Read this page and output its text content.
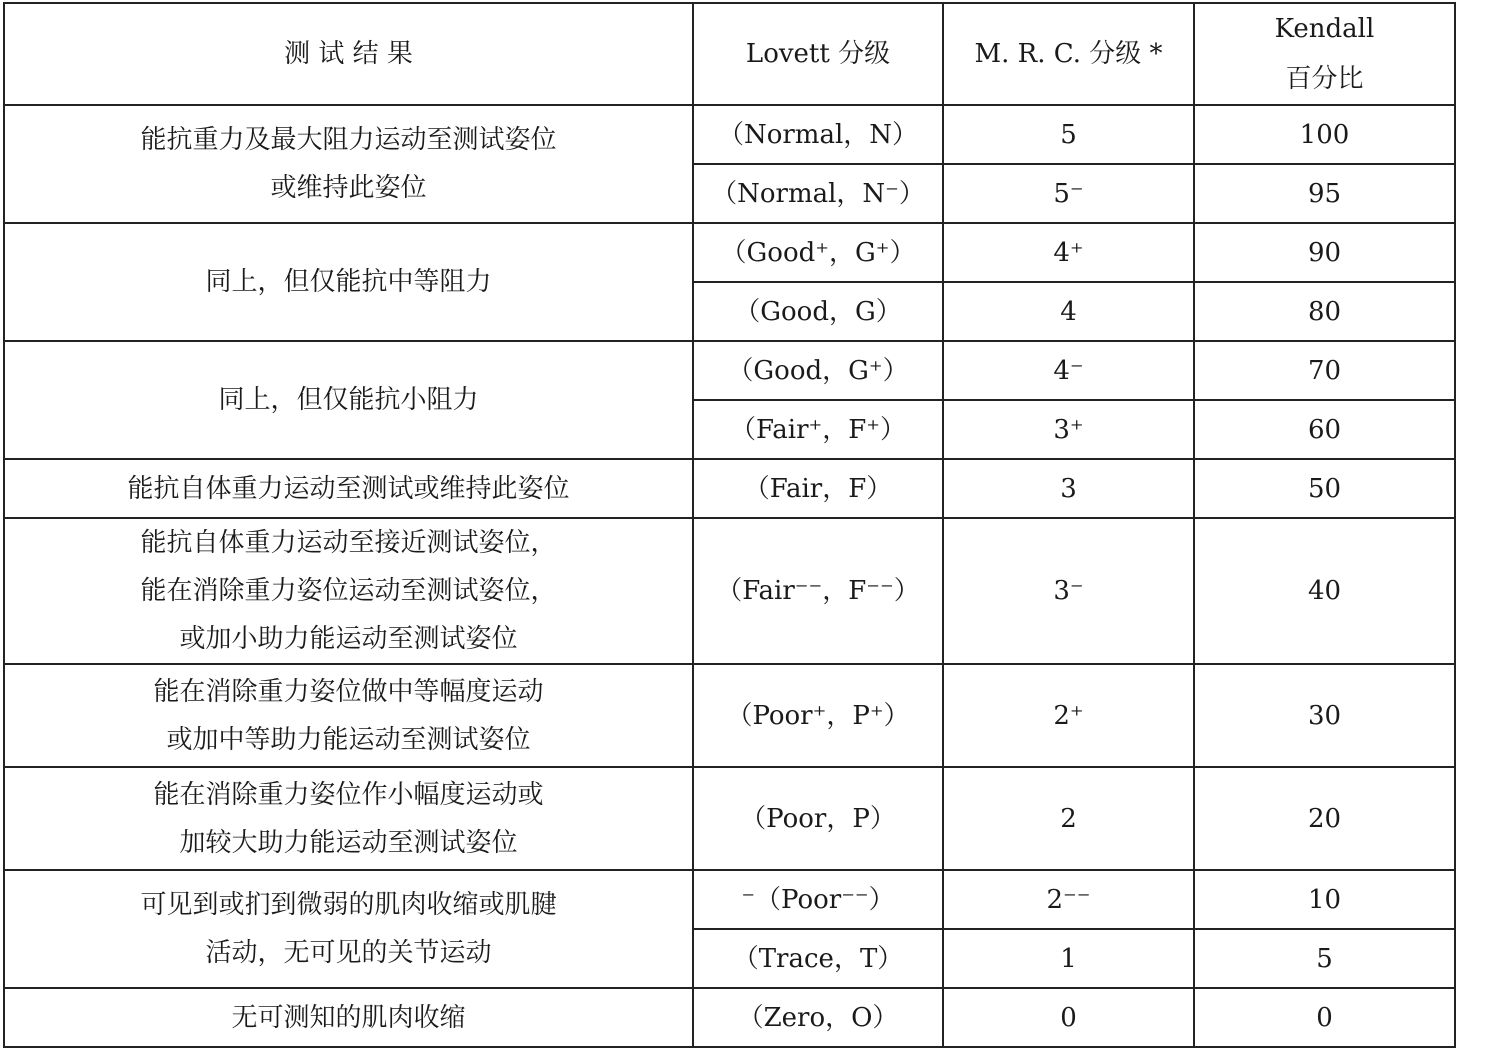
测 试 结 果	Lovett 分级	M. R. C. 分级 *	Kendall
百分比
能抗重力及最大阻力运动至测试姿位
或维持此姿位	（Normal，N）	5	100
	（Normal，N⁻）	5⁻	95
同上，但仅能抗中等阻力	（Good⁺，G⁺）	4⁺	90
	（Good，G）	4	80
同上，但仅能抗小阻力	（Good，G⁺）	4⁻	70
	（Fair⁺，F⁺）	3⁺	60
能抗自体重力运动至测试或维持此姿位	（Fair，F）	3	50
能抗自体重力运动至接近测试姿位，
能在消除重力姿位运动至测试姿位，
或加小助力能运动至测试姿位	（Fair⁻⁻，F⁻⁻）	3⁻	40
能在消除重力姿位做中等幅度运动
或加中等助力能运动至测试姿位	（Poor⁺，P⁺）	2⁺	30
能在消除重力姿位作小幅度运动或
加较大助力能运动至测试姿位	（Poor，P）	2	20
可见到或扪到微弱的肌肉收缩或肌腱
活动，无可见的关节运动	⁻（Poor⁻⁻）	2⁻⁻	10
	（Trace，T）	1	5
无可测知的肌肉收缩	（Zero，O）	0	0
